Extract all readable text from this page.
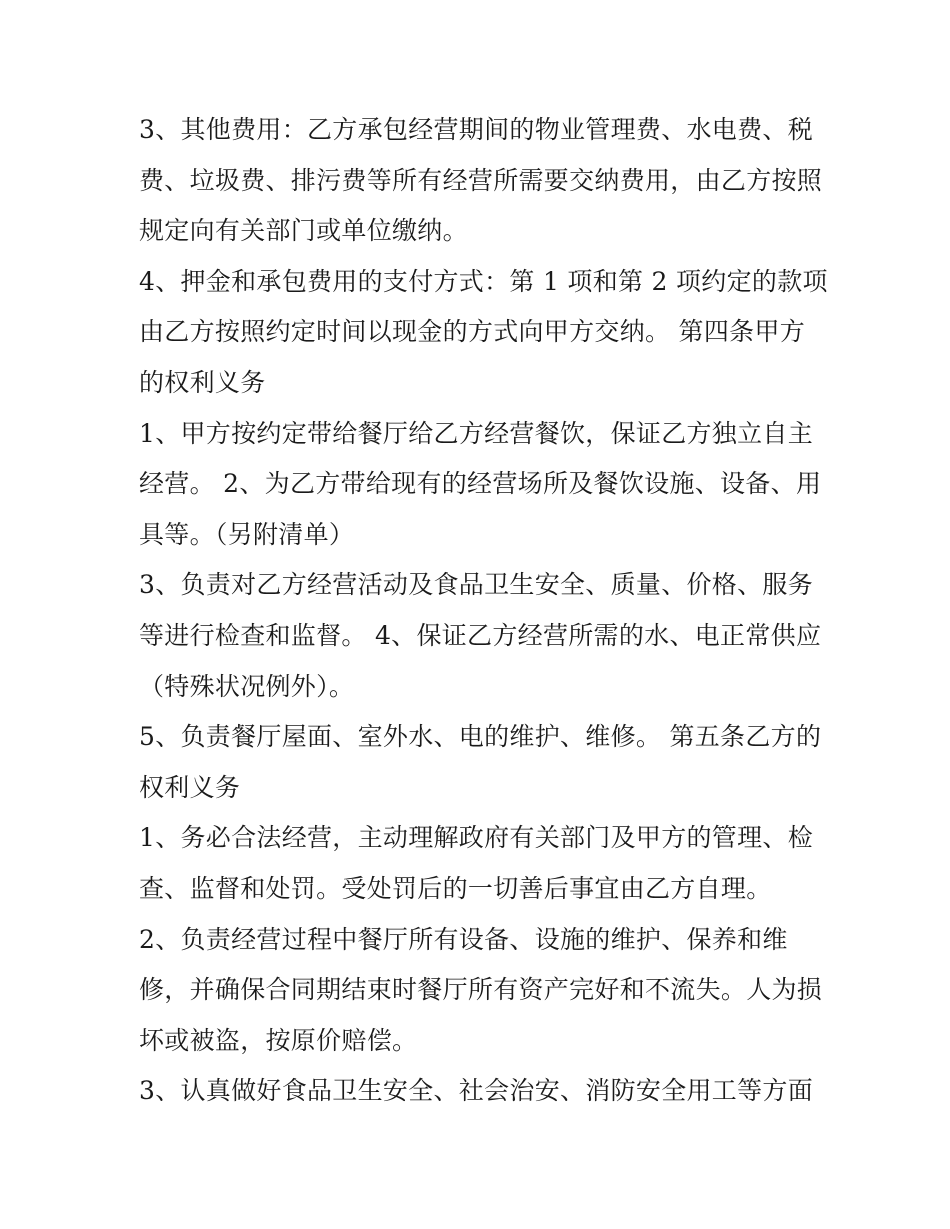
3、其他费用：乙方承包经营期间的物业管理费、水电费、税
费、垃圾费、排污费等所有经营所需要交纳费用，由乙方按照
规定向有关部门或单位缴纳。
4、押金和承包费用的支付方式：第 1 项和第 2 项约定的款项
由乙方按照约定时间以现金的方式向甲方交纳。 第四条甲方
的权利义务
1、甲方按约定带给餐厅给乙方经营餐饮，保证乙方独立自主
经营。 2、为乙方带给现有的经营场所及餐饮设施、设备、用
具等。（另附清单）
3、负责对乙方经营活动及食品卫生安全、质量、价格、服务
等进行检查和监督。 4、保证乙方经营所需的水、电正常供应
（特殊状况例外）。
5、负责餐厅屋面、室外水、电的维护、维修。 第五条乙方的
权利义务
1、务必合法经营，主动理解政府有关部门及甲方的管理、检
查、监督和处罚。受处罚后的一切善后事宜由乙方自理。
2、负责经营过程中餐厅所有设备、设施的维护、保养和维
修，并确保合同期结束时餐厅所有资产完好和不流失。人为损
坏或被盗，按原价赔偿。
3、认真做好食品卫生安全、社会治安、消防安全用工等方面
